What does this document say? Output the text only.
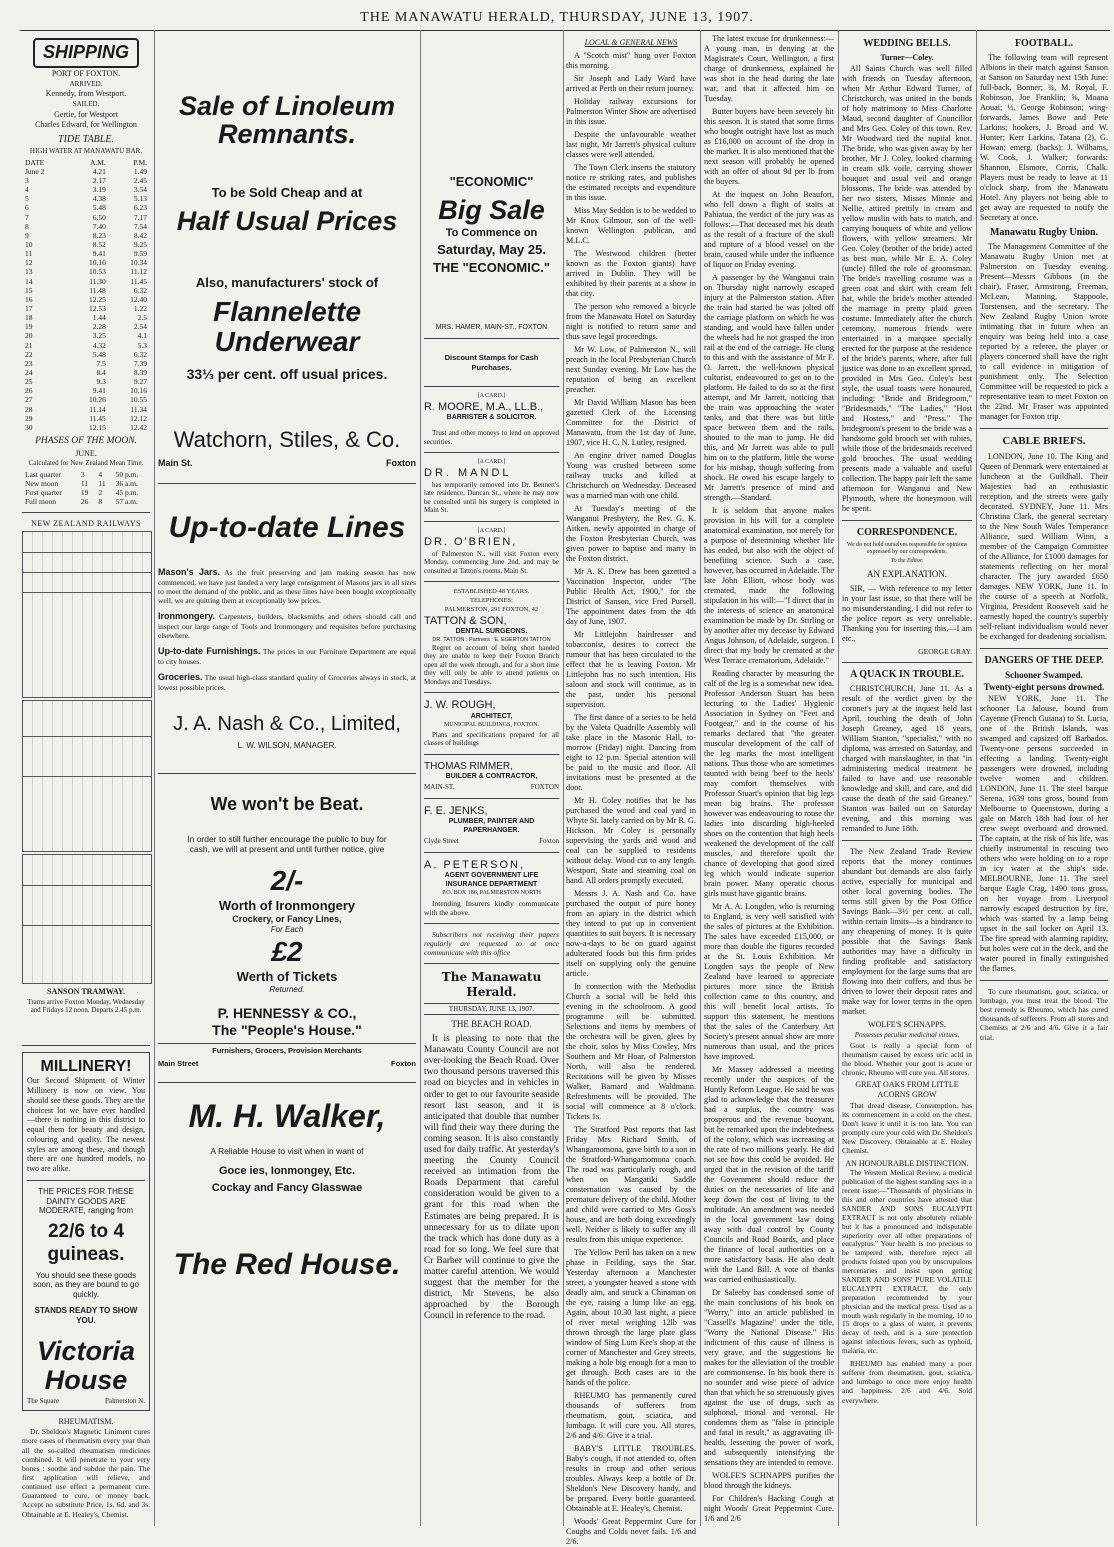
THE MANAWATU HERALD, THURSDAY, JUNE 13, 1907.
SHIPPING
PORT OF FOXTON.
ARRIVED.
Kennedy, from Westport.
SAILED.
Gertie, for Westport
Charles Edward, for Wellington
TIDE TABLE.
HIGH WATER AT MANAWATU BAR.
DATE	A.M.	P.M.
June 2	4.21	1.49
3	2.17	2.45
4	3.19	3.54
5	4.38	5.13
6	5.48	6.23
7	6.50	7.17
8	7.40	7.54
9	8.23	8.42
10	8.52	9.25
11	9.41	9.59
12	10.16	10.34
13	10.53	11.12
14	11.30	11.45
15	11.48	6.32
16	12.25	12.40
17	12.53	1.22
18	1.44	2.5
19	2.28	2.54
20	3.25	4.1
21	4.32	5.3
22	5.48	6.32
23	7.5	7.39
24	8.4	8.39
25	9.3	9.27
26	9.41	10.16
27	10.26	10.55
28	11.14	11.34
29	11.45	12.12
30	12.15	12.42
PHASES OF THE MOON.
JUNE.
Calculated for New Zealand Mean Time.
Last quarter	3	4	50 p.m.
New moon	11	11	36 a.m.
First quarter	19	2	45 p.m.
Full moon	26	8	57 a.m.
NEW ZEALAND RAILWAYS
SANSON TRAMWAY.
Trams arrive Foxton Monday, Wednesday and Fridays 12 noon. Departs 2.45 p.m.
MILLINERY!

Our Second Shipment of Winter Millinery is now on view. You should see these goods. They are the choicest lot we have ever handled —there is nothing in this district to equal them for beauty and design, colouring and quality. The newest styles are among these, and though there are one hundred models, no two are alike.

THE PRICES FOR THESE DAINTY GOODS ARE MODERATE, ranging from
22/6 to 4 guineas.
You should see these goods soon, as they are bound to go quickly.
STANDS READY TO SHOW YOU.
Victoria House
The Square	Palmerston N.
RHEUMATISM.

Dr. Sheldon's Magnetic Liniment cures more cases of rheumatism every year than all the so-called rheumatism medicines combined. It will penetrate to your very bones : soothe and subdue the pain. The first application will relieve, and continued use effect a permanent cure. Guaranteed to cure, or money back. Accept no substitute Price, 1s. 6d. and 3s. Obtainable at E. Healey's, Chemist.

Sale of Linoleum Remnants.
To be Sold Cheap and at
Half Usual Prices
Also, manufacturers' stock of
Flannelette Underwear
33⅓ per cent. off usual prices.
Watchorn, Stiles, & Co.
Main St.	Foxton
Up-to-date Lines
Mason's Jars. As the fruit preserving and jam making season has now commenced, we have just landed a very large consignment of Masons jars in all sizes to meet the demand of the public, and as these lines have been bought exceptionally well, we are quitting them at exceptionally low prices.
Ironmongery. Carpenters, builders, blacksmiths and others should call and inspect our large range of Tools and Ironmongery and requisites before purchasing elsewhere.
Up-to-date Furnishings. The prices in our Furniture Department are equal to city houses.
Groceries. The usual high-class standard quality of Groceries always in stock, at lowest possible prices.
J. A. Nash & Co., Limited,
L. W. WILSON, MANAGER.
We won't be Beat.
In order to still further encourage the public to buy for cash, we will at present and until further notice, give
2/-
Worth of Ironmongery
Crockery, or Fancy Lines,
For Each
£2
Werth of Tickets
Returned.
P. HENNESSY & CO.,
The "People's House."
Furnishers, Grocers, Provision Merchants
Main Street	Foxton
M. H. Walker,
A Reliable House to visit when in want of
Goce ies, Ionmongey, Etc.
Cockay and Fancy Glasswae
The Red House.
"ECONOMIC"
Big Sale
To Commence on
Saturday, May 25.
THE "ECONOMIC."
MRS. HAMER, MAIN-ST., FOXTON
Discount Stamps for Cash Purchases.
[A CARD.]
R. MOORE, M.A., LL.B.,
BARRISTER & SOLICITOR.

Trust and other moneys to lend on approved securities.

[A CARD.]
DR. MANDL

has temporarily removed into Dr. Bennett's late residence, Duncan St., where he may now be consulted until his surgery is completed in Main St.

[A CARD.]
DR. O'BRIEN,

of Palmerston N., will visit Foxton every Monday, commencing June 2nd, and may be consulted at Tatton's rooms, Main St.

ESTABLISHED 48 YEARS.
TELEPHONES:
PALMERSTON, 291 FOXTON, 42
TATTON & SON,
DENTAL SURGEONS.
DR. TATTON : Partners : E. EGERTON TATTON

Regret on account of being short handed they are unable to keep their Foxton Branch open all the week through, and for a short time they will only be able to attend patients on Mondays and Tuesdays.

J. W. ROUGH,
ARCHITECT,
MUNICIPAL BUILDINGS, FOXTON.

Plans and specifications prepared for all classes of buildings

THOMAS RIMMER,
BUILDER & CONTRACTOR,
MAIN-ST.	FOXTON
F. E. JENKS,
PLUMBER, PAINTER AND PAPERHANGER.
Clyde Street	Foxton
A. PETERSON,
AGENT GOVERNMENT LIFE INSURANCE DEPARTMENT
P.O. BOX 186, PALMERSTON NORTH

Intending Insurers kindly communicate with the above.

Subscribers not receiving their papers regularly are requested to at once communicate with this office

The Manawatu Herald.
THURSDAY, JUNE 13, 1907.
THE BEACH ROAD.

It is pleasing to note that the Manawatu County Council are not over-looking the Beach Road. Over two thousand persons traversed this road on bicycles and in vehicles in order to get to our favourite seaside resort last season, and it is anticipated that double that number will find their way there during the coming season. It is also constantly used for daily traffic. At yesterday's meeting the County Council received an intimation from the Roads Department that careful consideration would be given to a grant for this road when the Estimates are being prepared. It is unnecessary for us to dilate upon the track which has done duty as a road for so long. We feel sure that Cr Barber will continue to give the matter careful attention. We would suggest that the member for the district, Mr Stevens, be also approached by the Borough Council in reference to the road.

LOCAL & GENERAL NEWS

A "Scotch mist" hung over Foxton this morning.

Sir Joseph and Lady Ward have arrived at Perth on their return journey.

Holiday railway excursions for Palmerston Winter Show are advertised in this issue.

Despite the unfavourable weather last night, Mr Jarrett's physical culture classes were well attended.

The Town Clerk inserts the statutory notice re striking rates, and publishes the estimated receipts and expenditure in this issue.

Miss May Seddon is to be wedded to Mr Knox Gilmour, son of the well-known Wellington publican, and M.L.C.

The Westwood children (better known as the Foxton giants) have arrived in Dublin. They will be exhibited by their parents at a show in that city.

The person who removed a bicycle from the Manawatu Hotel on Saturday night is notified to return same and thus save legal proceedings.

Mr W. Low, of Palmerston N., will preach in the local Presbyterian Church next Sunday evening. Mr Low has the reputation of being an excellent preacher.

Mr David William Mason has been gazetted Clerk of the Licensing Committee for the District of Manawatu, from the 1st day of June, 1907, vice H. C. N. Lutley, resigned.

An engine driver named Douglas Young was crushed between some railway trucks and killed at Christchurch on Wednesday. Deceased was a married man with one child.

At Tuesday's meeting of the Wanganui Presbytery, the Rev. G. K. Aitken, newly appointed in charge of the Foxton Presbyterian Church, was given power to baptise and marry in the Foxton district.

Mr A. K. Drew has been gazetted a Vaccination Inspector, under "The Public Health Act, 1900," for the District of Sanson, vice Fred Pursell. The appointment dates from the 4th day of June, 1907.

Mr Littlejohn hairdresser and tobacconist, desires to correct the rumour that has been circulated to the effect that he is leaving Foxton. Mr Littlejohn has no such intention. His saloon and stock will continue, as in the past, under his personal supervision.

The first dance of a series to be held by the Valeta Quadrille Assembly will take place in the Masonic Hall, to-morrow (Friday) night. Dancing from eight to 12 p.m. Special attention will be paid to the music and floor. All invitations must be presented at the door.

Mr H. Coley notifies that he has purchased the wood and coal yard in Whyte St. lately carried on by Mr R. G. Hickson. Mr Coley is personally supervising the yards and wood and coal can be supplied to residents without delay. Wood cut to any length. Westport, State and steaming coal on hand. All orders promptly executed.

Messrs J. A. Nash and Co. have purchased the output of pure honey from an apiary in the district which they intend to put up in convenient quantities to suit buyers. It is necessary now-a-days to be on guard against adulterated foods but this firm prides itself on supplying only the genuine article.

In connection with the Methodist Church a social will be held this evening in the schoolroom. A good programme will be submitted. Selections and items by members of the orchestra will be given, glees by the choir, solos by Miss Cowley, Mrs Southern and Mr Hoar, of Palmerston North, will also be rendered. Recitations will be given by Misses Walker, Barnard and Waldmann. Refreshments will be provided. The social will commence at 8 o'clock. Tickets 1s.

The Stratford Post reports that last Friday Mrs Richard Smith, of Whangamomona, gave birth to a son in the Stratford-Whangamomona coach. The road was particularly rough, and when on Mangatiki Saddle consternation was caused by the premature delivery of the child. Mother and child were carried to Mrs Goss's house, and are both doing exceedingly well. Neither is likely to suffer any ill results from this unique experience.

The Yellow Peril has taken on a new phase in Feilding, says the Star. Yesterday afternoon a Manchester street, a youngster heaved a stone with deadly aim, and struck a Chinaman on the eye, raising a lump like an egg. Again, about 10.30 last night, a piece of river metal weighing 12lb was thrown through the large plate glass window of Sing Lum Kee's shop at the corner of Manchester and Grey streets, making a hole big enough for a man to get through. Both cases are in the hands of the police.

RHEUMO has permanently cured thousands of sufferers from rheumatism, gout, sciatica, and lumbago. It will cure you. All stores, 2/6 and 4/6. Give it a trial.

BABY'S LITTLE TROUBLES. Baby's cough, if not attended to, often results in croup and other serious troubles. Always keep a bottle of Dr. Sheldon's New Discovery handy, and be prepared. Every bottle guaranteed. Obtainable at E. Healey's, Chemist.

Woods' Great Peppermint Cure for Coughs and Colds never fails. 1/6 and 2/6.

The latest excuse for drunkenness:—A young man, in denying at the Magistrate's Court, Wellington, a first charge of drunkenness, explained he was shot in the head during the late war, and that it affected him on Tuesday.

Butter buyers have been severely hit this season. It is stated that some firms who bought outright have lost as much as £16,000 on account of the drop in the market. It is also mentioned that the next season will probably be opened with an offer of about 9d per lb from the buyers.

At the inquest on John Beaufort, who fell down a flight of stairs at Pahiatua, the verdict of the jury was as follows:—That deceased met his death as the result of a fracture of the skull and rupture of a blood vessel on the brain, caused while under the influence of liquor on Friday evening.

A passenger by the Wanganui train on Thursday night narrowly escaped injury at the Palmerston station. After the train had started he was jolted off the carriage platform on which he was standing, and would have fallen under the wheels had he not grasped the iron rail at the end of the carriage. He clung to this and with the assistance of Mr F. O. Jarrett, the well-known physical culturist, endeavoured to get on to the platform. He failed to do so at the first attempt, and Mr Jarrett, noticing that the train was approaching the water tanks, and that there was but little space between them and the rails, shouted to the man to jump. He did this, and Mr Jarrett was able to pull him on to the platform, little the worse for his mishap, though suffering from shock. He owed his escape largely to Mr Jarrett's presence of mind and strength.—Standard.

It is seldom that anyone makes provision in his will for a complete anatomical examination, not merely for a purpose of determining whether life has ended, but also with the object of benefiting science. Such a case, however, has occurred in Adelaide. The late John Elliott, whose body was cremated, made the following stipulation in his will:—"I direct that in the interests of science an anatomical examination be made by Dr. Stirling or by another after my decease by Edward Angus Johnson, of Adelaide, surgeon. I direct that my body be cremated at the West Terrace crematorium, Adelaide."

Reading character by measuring the calf of the leg is a somewhat new idea. Professor Anderson Stuart has been lecturing to the Ladies' Hygienic Association in Sydney on "Feet and Footgear," and in the course of his remarks declared that "the greater muscular development of the calf of the leg marks the most intelligent nations. Thus those who are sometimes taunted with being 'beef to the heels' may comfort themselves with Professor Stuart's opinion that big legs mean big brains. The professor however was endeavouring to rouse the ladies into discarding high-heeled shoes on the contention that high heels weakened the development of the calf muscles, and therefore spoilt the chance of developing that good sized leg which would indicate superior brain power. Many operatic chorus girls must have gigantic brains.

Mr A. A. Longden, who is returning to England, is very well satisfied with the sales of pictures at the Exhibition. The sales have exceeded £15,000, or more than double the figures recorded at the St. Louis Exhibition. Mr Longden says the people of New Zealand have learned to appreciate pictures more since the British collection came to this country, and this will benefit local artists. To support this statement, he mentions that the sales of the Canterbury Art Society's present annual show are more numerous than usual, and the prices have improved.

Mr Massey addressed a meeting recently under the auspices of the Huntly Reform League. He said he was glad to acknowledge that the treasurer had a surplus, the country was prosperous and the revenue buoyant, but he remarked upon the indebtedness of the colony, which was increasing at the rate of two millions yearly. He did not see how this could be avoided. He urged that in the revision of the tariff the Government should reduce the duties on the necessaries of life and keep down the cost of living to the multitude. An amendment was needed in the local government law doing away with dual control by County Councils and Road Boards, and place the finance of local authorities on a more satisfactory basis. He also dealt with the Land Bill. A vote of thanks was carried enthusiastically.

Dr Saleeby has condensed some of the main conclusions of his book on "Worry," into an article published in "Cassell's Magazine" under the title, "Worry the National Disease." His indictment of this cause of illness is very grave, and the suggestions he makes for the alleviation of the trouble are commonsense. In his book there is no sounder and wise piece of advice than that which he so strenuously gives against the use of drugs, such as sulphonal, trional and veronal. He condemns them as "false in principle and fatal in result," as aggravating ill-health, lessening the power of work, and subsequently intensifying the sensations they are intended to remove.

WOLFE'S SCHNAPPS purifies the blood through the kidneys.

For Children's Hacking Cough at night Woods' Great Peppermint Cure. 1/6 and 2/6

WEDDING BELLS.
Turner—Coley.

All Saints Church was well filled with friends on Tuesday afternoon, when Mr Arthur Edward Turner, of Christchurch, was united in the bonds of holy matrimony to Miss Charlotte Maud, second daughter of Councillor and Mrs Geo. Coley of this town. Rev. Mr Woodward tied the nuptial knot. The bride, who was given away by her brother, Mr J. Coley, looked charming in cream silk voile, carrying shower bouquet and usual veil and orange blossoms. The bride was attended by her two sisters, Misses Minnie and Nellie, attired prettily in cream and yellow muslin with hats to match, and carrying bouquets of white and yellow flowers, with yellow streamers. Mr Geo. Coley (brother of the bride) acted as best man, while Mr E. A. Coley (uncle) filled the role of groomsman. The bride's travelling costume was a green coat and skirt with cream felt hat, while the bride's mother attended the marriage in pretty plaid green costume. Immediately after the church ceremony, numerous friends were entertained in a marquee specially erected for the purpose at the residence of the bride's parents, where, after full justice was done to an excellent spread, provided in Mrs Geo. Coley's best style, the usual toasts were honoured, including: "Bride and Bridegroom," "Bridesmaids," "The Ladies," "Host and Hostess," and "Press." The bridegroom's present to the bride was a handsome gold brooch set with rubies, while those of the bridesmaids received gold brooches. The usual wedding presents made a valuable and useful collection. The happy pair left the same afternoon for Wanganui and New Plymouth, where the honeymoon will be spent.

CORRESPONDENCE.
We do not hold ourselves responsible for opinions expressed by our correspondents.
To the Editor.
AN EXPLANATION.

SIR, — With reference to my letter in your last issue, so that there will be no misunderstanding, I did not refer to the police report as very unreliable. Thanking you for inserting this,—I am etc.,

GEORGE GRAY.
A QUACK IN TROUBLE.

CHRISTCHURCH, June 11. As a result of the verdict given by the coroner's jury at the inquest held last April, touching the death of John Joseph Greaney, aged 18 years, William Stanton, "specialist," with no diploma, was arrested on Saturday, and charged with manslaughter, in that "in administering medical treatment he failed to have and use reasonable knowledge and skill, and care, and did cause the death of the said Greaney." Stanton was bailed out on Saturday evening, and this morning was remanded to June 18th.

The New Zealand Trade Review reports that the money continues abundant but demands are also fairly active, especially for municipal and other local governing bodies. The terms still given by the Post Office Savings Bank—3½ per cent. at call, within certain limits—is a hindrance to any cheapening of money. It is quite possible that the Savings Bank authorities may have a difficulty in finding profitable and satisfactory employment for the large sums that are flowing into their coffers, and thus be driven to lower their deposit rates and make way for lower terms in the open market.

WOLFE'S SCHNAPPS.
Possesses peculiar medicinal virtues.

Gout is really a special form of rheumatism caused by excess uric acid in the blood. Whether your gout is acute or chronic, Rheumo will cure you. All stores.

GREAT OAKS FROM LITTLE ACORNS GROW

That dread disease, Consumption, has its commencement in a cold on the chest. Don't leave it until it is too late. You can promptly cure your cold with Dr. Sheldon's New Discovery. Obtainable at E. Healey Chemist.

AN HONOURABLE DISTINCTION.

The Western Medical Review, a medical publication of the highest standing says in a recent issue:—"Thousands of physicians in this and other countries have attested that SANDER AND SONS EUCALYPTI EXTRACT is not only absolutely reliable but it has a pronounced and indisputable superiority over all other preparations of eucalyptus." Your health is too precious to be tampered with, therefore reject all products foisted upon you by unscrupulous mercenaries and insist upon getting SANDER AND SONS' PURE VOLATILE EUCALYPTI EXTRACT, the only preparation recommended by your physician and the medical press. Used as a mouth wash regularly in the morning, 10 to 15 drops to a glass of water, it prevents decay of teeth, and is a sure protection against infectious fevers, such as typhoid, malaria, etc.

RHEUMO has enabled many a poor sufferer from rheumatism, gout, sciatica, and lumbago to once more enjoy health and happiness. 2/6 and 4/6. Sold everywhere.

FOOTBALL.

The following team will represent Albions in their match against Sanson at Sanson on Saturday next 15th June: full-back, Bonner; ¾, M. Royal, F. Robinson, Joe Franklin; ⅝, Moana Aouai; ½, George Robinson; wing-forwards, James Bowe and Pete Larkins; hookers, J. Broad and W. Hunter; Kerr Larkins, Tatana (2), G. Howan; emerg. (backs): J. Wilhams, W. Cook, J. Walker; forwards: Shannon, Elsmore, Corris, Chalk. Players must be ready to leave at 11 o'clock sharp, from the Manawatu Hotel. Any players not being able to get away are requested to notify the Secretary at once.

Manawatu Rugby Union.

The Management Committee of the Manawatu Rugby Union met at Palmerston on Tuesday evening. Present—Messrs Gibbons (in the chair), Fraser, Armstrong, Freeman, McLean, Manning, Stappoole, Torstensen, and the secretary. The New Zealand Rugby Union wrote intimating that in future when an enquiry was being held into a case reported by a referee, the player or players concerned shall have the right to call evidence in mitigation of punishment only. The Selection Committee will be requested to pick a representative team to meet Foxton on the 22nd. Mr Fraser was appointed manager for Foxton trip.

CABLE BRIEFS.

LONDON, June 10. The King and Queen of Denmark were entertained at luncheon at the Guildhall. Their Majesties had an enthusiastic reception, and the streets were gaily decorated. SYDNEY, June 11. Mrs Christina Clark, the general secretary to the New South Wales Temperance Alliance, sued William Winn, a member of the Campaign Committee of the Alliance, for £1000 damages for statements reflecting on her moral character. The jury awarded £650 damages. NEW YORK, June 11. In the course of a speech at Norfolk, Virginia, President Roosevelt said he earnestly hoped the country's superbly self-reliant individualism would never be exchanged for deadening socialism.

DANGERS OF THE DEEP.
Schooner Swamped.
Twenty-eight persons drowned.

NEW YORK, June 11. The schooner La Jalouse, bound from Cayenne (French Guiana) to St. Lucia, one of the British Islands, was swamped and capsized off Barbados. Twenty-one persons succeeded in effecting a landing. Twenty-eight passengers were drowned, including twelve women and children. LONDON, June 11. The steel barque Serena, 1639 tons gross, bound from Melbourne to Queenstown, during a gale on March 18th had four of her crew swept overboard and drowned. The captain, at the risk of his life, was chiefly instrumental in rescuing two others who were holding on to a rope in icy water at the ship's side. MELBOURNE, June 11. The steel barque Eagle Crag, 1490 tons gross, on her voyage from Liverpool narrowly escaped destruction by fire, which was started by a lamp being upset in the sail locker on April 13. The fire spread with alarming rapidity, but holes were cut in the deck, and the water poured in finally extinguished the flames.

To cure rheumatism, gout, sciatica, or lumbago, you must treat the blood. The best remedy is Rheumo, which has cured thousands of sufferers. From all stores and Chemists at 2/6 and 4/6. Give it a fair trial.
